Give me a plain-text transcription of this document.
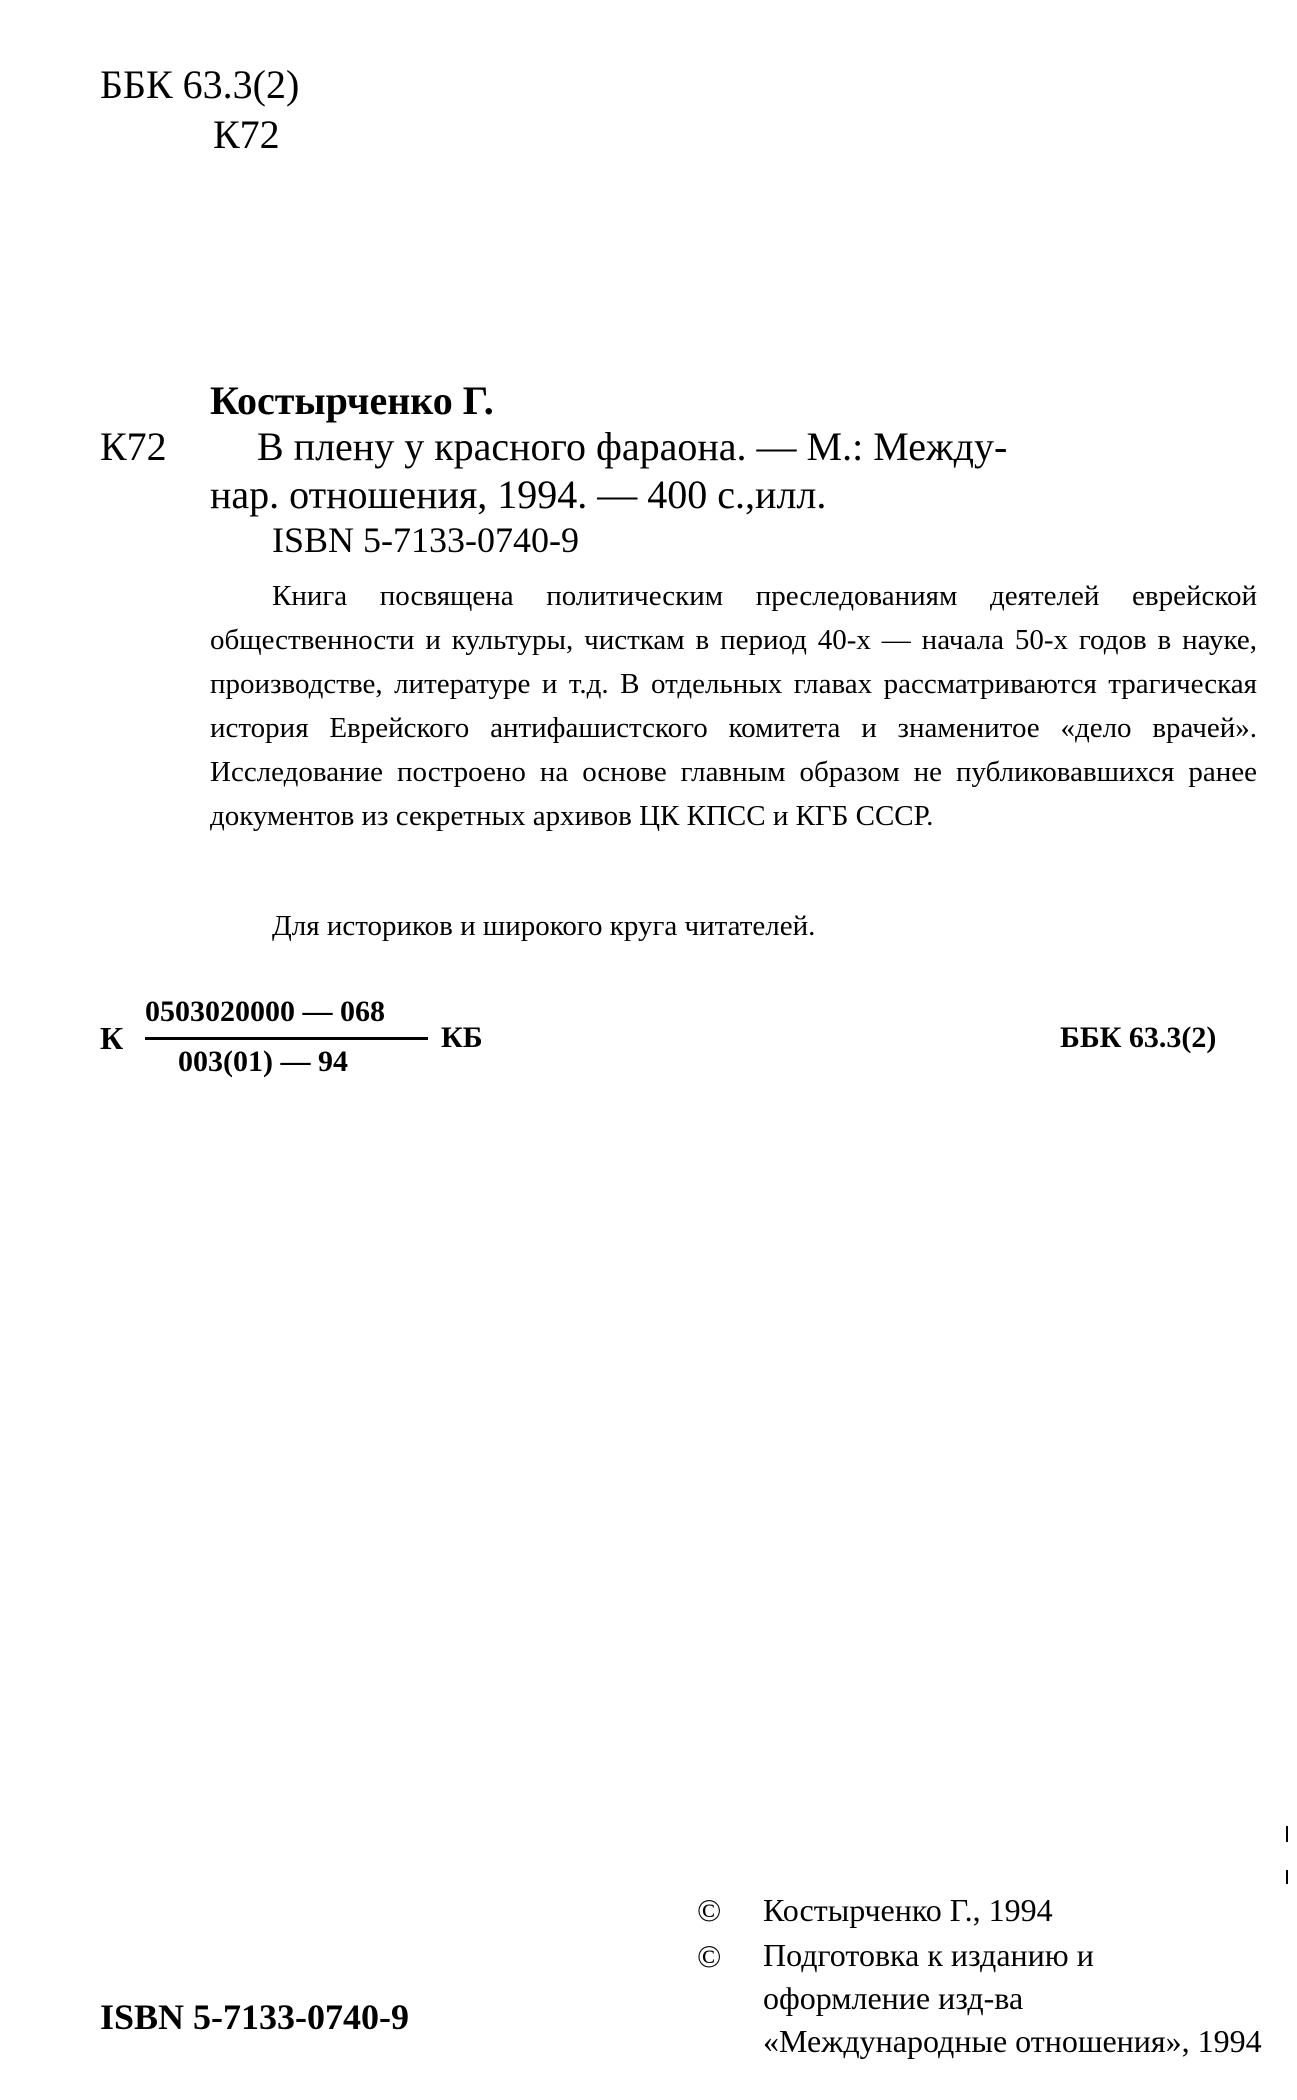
ББК 63.3(2)
К72
Костырченко Г.
К72 В плену у красного фараона. — М.: Между-
нар. отношения, 1994. — 400 с.,илл.
ISBN 5-7133-0740-9

Книга посвящена политическим преследованиям деятелей еврейской общественности и культуры, чисткам в период 40-х — начала 50-х годов в науке, производстве, литературе и т.д. В отдельных главах рассматриваются трагическая история Еврейского антифашистского комитета и знаменитое «дело врачей». Исследование построено на основе главным образом не публиковавшихся ранее документов из секретных архивов ЦК КПСС и КГБ СССР.

Для историков и широкого круга читателей.
К
0503020000 — 068
003(01) — 94
КБ	ББК 63.3(2)
© Костырченко Г., 1994
© Подготовка к изданию и оформление изд-ва «Международные отношения», 1994

ISBN 5-7133-0740-9
